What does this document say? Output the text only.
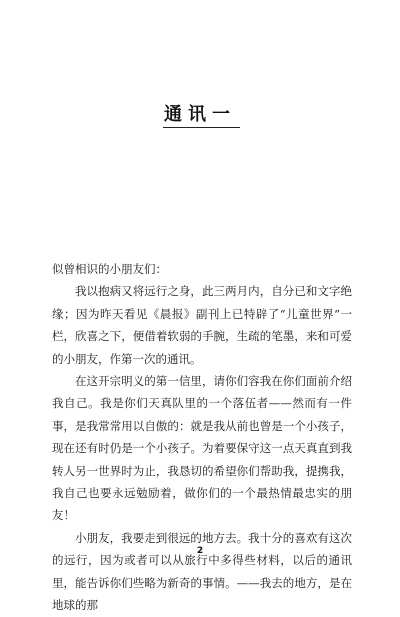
通讯一

似曾相识的小朋友们：

我以抱病又将远行之身，此三两月内，自分已和文字绝缘；因为昨天看见《晨报》副刊上已特辟了“儿童世界”一栏，欣喜之下，便借着软弱的手腕，生疏的笔墨，来和可爱的小朋友，作第一次的通讯。

在这开宗明义的第一信里，请你们容我在你们面前介绍我自己。我是你们天真队里的一个落伍者——然而有一件事，是我常常用以自傲的：就是我从前也曾是一个小孩子，现在还有时仍是一个小孩子。为着要保守这一点天真直到我转人另一世界时为止，我恳切的希望你们帮助我，提携我，我自己也要永远勉励着，做你们的一个最热情最忠实的朋友！

小朋友，我要走到很远的地方去。我十分的喜欢有这次的远行，因为或者可以从旅行中多得些材料，以后的通讯里，能告诉你们些略为新奇的事情。——我去的地方，是在地球的那

2
